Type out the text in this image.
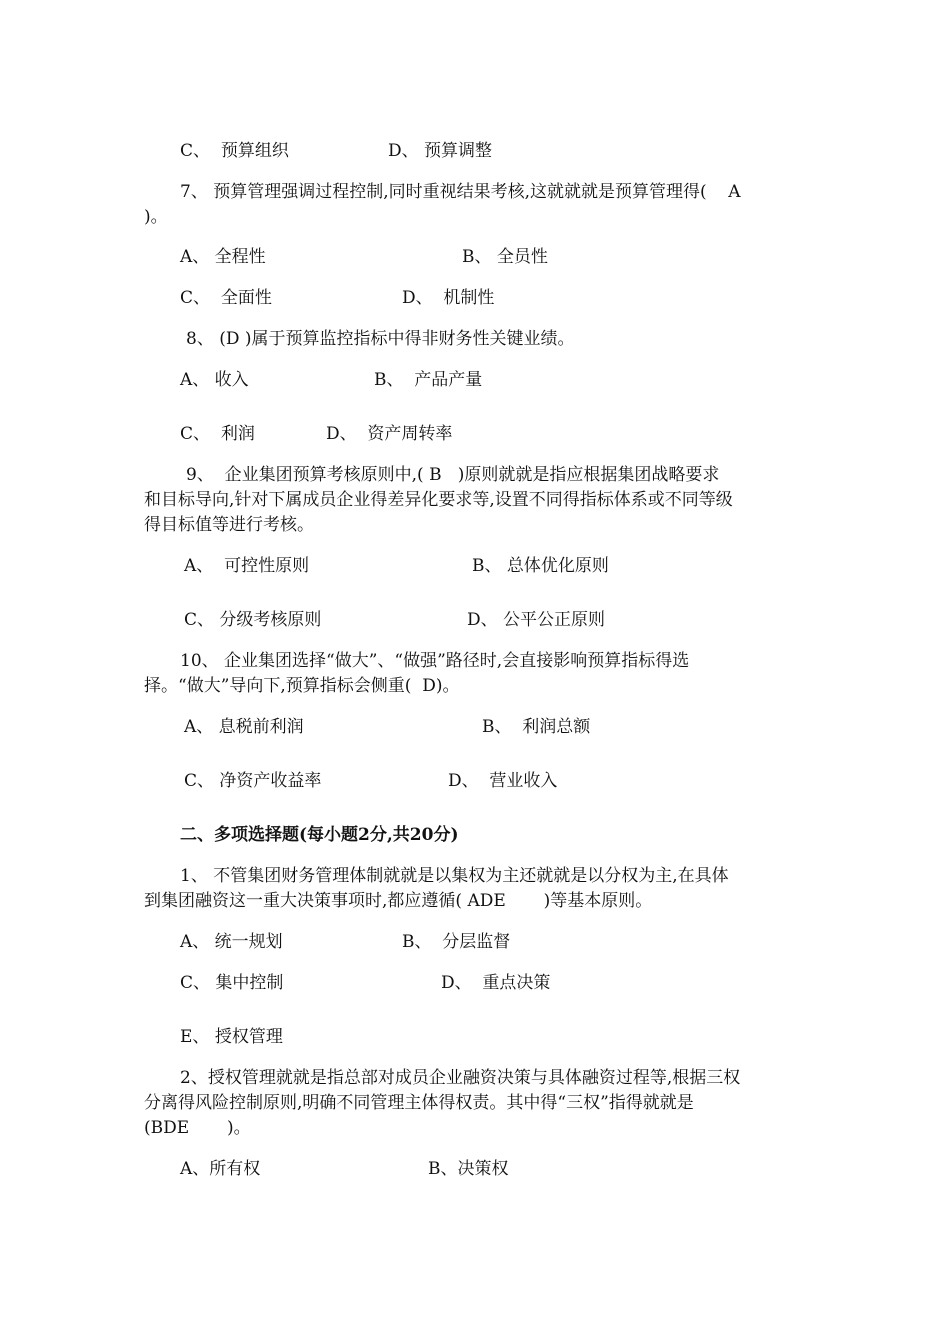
C、  预算组织	D、 预算调整
7、 预算管理强调过程控制,同时重视结果考核,这就就就是预算管理得(    A
)。
A、 全程性	B、 全员性
C、  全面性	D、  机制性
8、 (D )属于预算监控指标中得非财务性关键业绩。
A、 收入	B、  产品产量
C、  利润	D、  资产周转率
9、  企业集团预算考核原则中,( B   )原则就就是指应根据集团战略要求
和目标导向,针对下属成员企业得差异化要求等,设置不同得指标体系或不同等级
得目标值等进行考核。
A、  可控性原则	B、 总体优化原则
C、 分级考核原则	D、 公平公正原则
10、 企业集团选择“做大”、“做强”路径时,会直接影响预算指标得选
择。“做大”导向下,预算指标会侧重(  D)。
A、 息税前利润	B、  利润总额
C、 净资产收益率	D、  营业收入
二、多项选择题(每小题2分,共20分)
1、 不管集团财务管理体制就就是以集权为主还就就是以分权为主,在具体
到集团融资这一重大决策事项时,都应遵循( ADE       )等基本原则。
A、 统一规划	B、  分层监督
C、 集中控制	D、  重点决策
E、 授权管理
2、授权管理就就是指总部对成员企业融资决策与具体融资过程等,根据三权
分离得风险控制原则,明确不同管理主体得权责。其中得“三权”指得就就是
(BDE       )。
A、所有权	B、决策权
